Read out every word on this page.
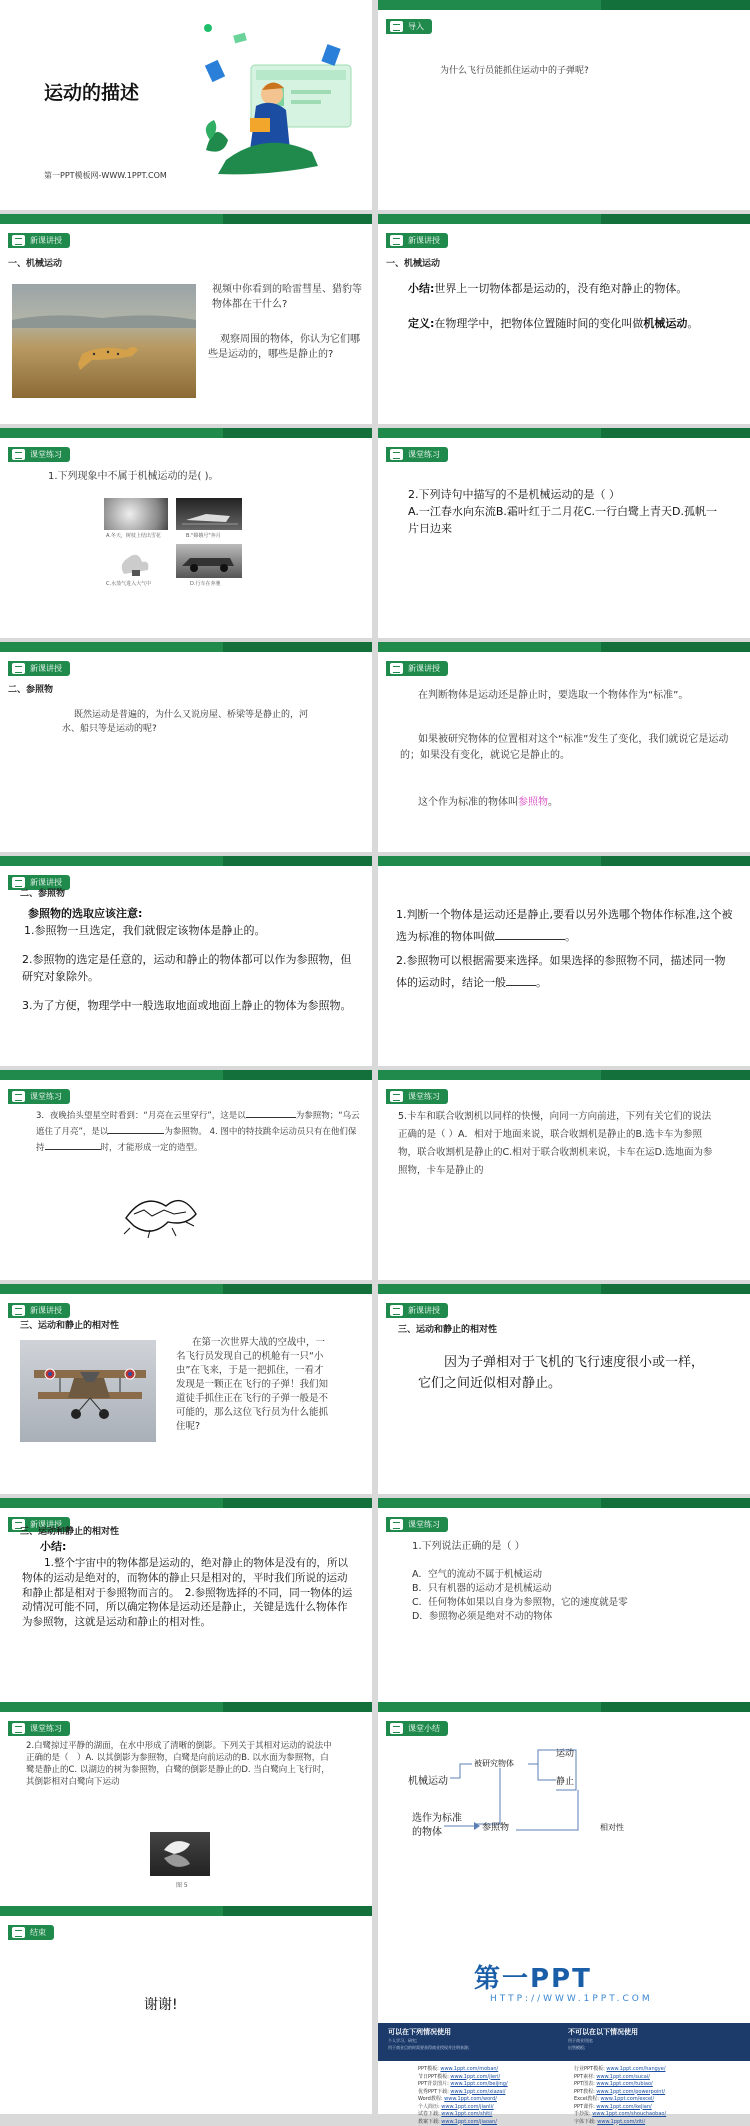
运动的描述
第一PPT模板网-WWW.1PPT.COM
导入
为什么飞行员能抓住运动中的子弹呢?
新课讲授
一、机械运动
视频中你看到的哈雷彗星、猎豹等物体都在干什么?
观察周围的物体，你认为它们哪些是运动的，哪些是静止的?
新课讲授
一、机械运动
小结:世界上一切物体都是运动的，没有绝对静止的物体。
定义:在物理学中，把物体位置随时间的变化叫做机械运动。
课堂练习
1.下列现象中不属于机械运动的是( )。
A.冬天，树枝上结出雪花	B."嫦娥号"奔月
C.水蒸气进入大气中	D.行车在奔驰
课堂练习
2.下列诗句中描写的不是机械运动的是（ ）
A.一江春水向东流B.霜叶红于二月花C.一行白鹭上青天D.孤帆一片日边来
新课讲授
二、参照物
既然运动是普遍的，为什么又说房屋、桥梁等是静止的，河水、船只等是运动的呢?
新课讲授
在判断物体是运动还是静止时，要选取一个物体作为“标准”。
如果被研究物体的位置相对这个“标准”发生了变化，我们就说它是运动的；如果没有变化，就说它是静止的。
这个作为标准的物体叫参照物。
新课讲授
二、参照物
参照物的选取应该注意:
1.参照物一旦选定，我们就假定该物体是静止的。
2.参照物的选定是任意的，运动和静止的物体都可以作为参照物，但研究对象除外。
3.为了方便，物理学中一般选取地面或地面上静止的物体为参照物。
1.判断一个物体是运动还是静止,要看以另外选哪个物体作标准,这个被选为标准的物体叫做	。
2.参照物可以根据需要来选择。如果选择的参照物不同，描述同一物体的运动时，结论一般	。
课堂练习
3．夜晚抬头望星空时看到：“月亮在云里穿行”，这是以	为参照物；“乌云遮住了月亮”，是以	为参照物。 4. 图中的特技跳伞运动员只有在他们保持	时，才能形成一定的造型。
课堂练习
5.卡车和联合收割机以同样的快慢，向同一方向前进，下列有关它们的说法正确的是（ ）A．相对于地面来说，联合收割机是静止的B.选卡车为参照物，联合收割机是静止的C.相对于联合收割机来说，卡车在运D.选地面为参照物，卡车是静止的
新课讲授
三、运动和静止的相对性
在第一次世界大战的空战中，一名飞行员发现自己的机舱有一只“小虫”在飞来，于是一把抓住，一看才发现是一颗正在飞行的子弹！我们知道徒手抓住正在飞行的子弹一般是不可能的，那么这位飞行员为什么能抓住呢?
新课讲授
三、运动和静止的相对性
因为子弹相对于飞机的飞行速度很小或一样，它们之间近似相对静止。
新课讲授
三、运动和静止的相对性
小结:
1.整个宇宙中的物体都是运动的，绝对静止的物体是没有的，所以物体的运动是绝对的，而物体的静止只是相对的，平时我们所说的运动和静止都是相对于参照物而言的。　2.参照物选择的不同，同一物体的运动情况可能不同，所以确定物体是运动还是静止，关键是选什么物体作为参照物，这就是运动和静止的相对性。
课堂练习
1.下列说法正确的是（ ）
A．空气的流动不属于机械运动
B．只有机器的运动才是机械运动
C．任何物体如果以自身为参照物，它的速度就是零
D．参照物必须是绝对不动的物体
课堂练习
2.白鹭掠过平静的湖面，在水中形成了清晰的倒影。下列关于其相对运动的说法中正确的是（　）A. 以其倒影为参照物，白鹭是向前运动的B. 以水面为参照物，白鹭是静止的C. 以湖边的树为参照物，白鹭的倒影是静止的D. 当白鹭向上飞行时，其倒影相对白鹭向下运动
图 5
课堂小结
机械运动
被研究物体
运动
静止
选作为标准的物体	参照物	相对性
结束
谢谢!
第一PPT
HTTP://WWW.1PPT.COM
可以在下列情况使用
个人学习、研究;
用于商业目的时需要获得商业授权并注明来源;
不可以在以下情况使用
用于商业用途;
出售模板;
PPT模板: www.1ppt.com/moban/
节日PPT模板: www.1ppt.com/jieri/
PPT背景图片: www.1ppt.com/beijing/
优秀PPT下载: www.1ppt.com/xiazai/
Word教程: www.1ppt.com/word/
个人简历: www.1ppt.com/jianli/
试卷下载: www.1ppt.com/shiti/
教案下载: www.1ppt.com/jiaoan/
行业PPT模板: www.1ppt.com/hangye/
PPT素材: www.1ppt.com/sucai/
PPT图表: www.1ppt.com/tubiao/
PPT教程: www.1ppt.com/powerpoint/
Excel教程: www.1ppt.com/excel/
PPT课件: www.1ppt.com/kejian/
手抄报: www.1ppt.com/shouchaobao/
字体下载: www.1ppt.com/ziti/
